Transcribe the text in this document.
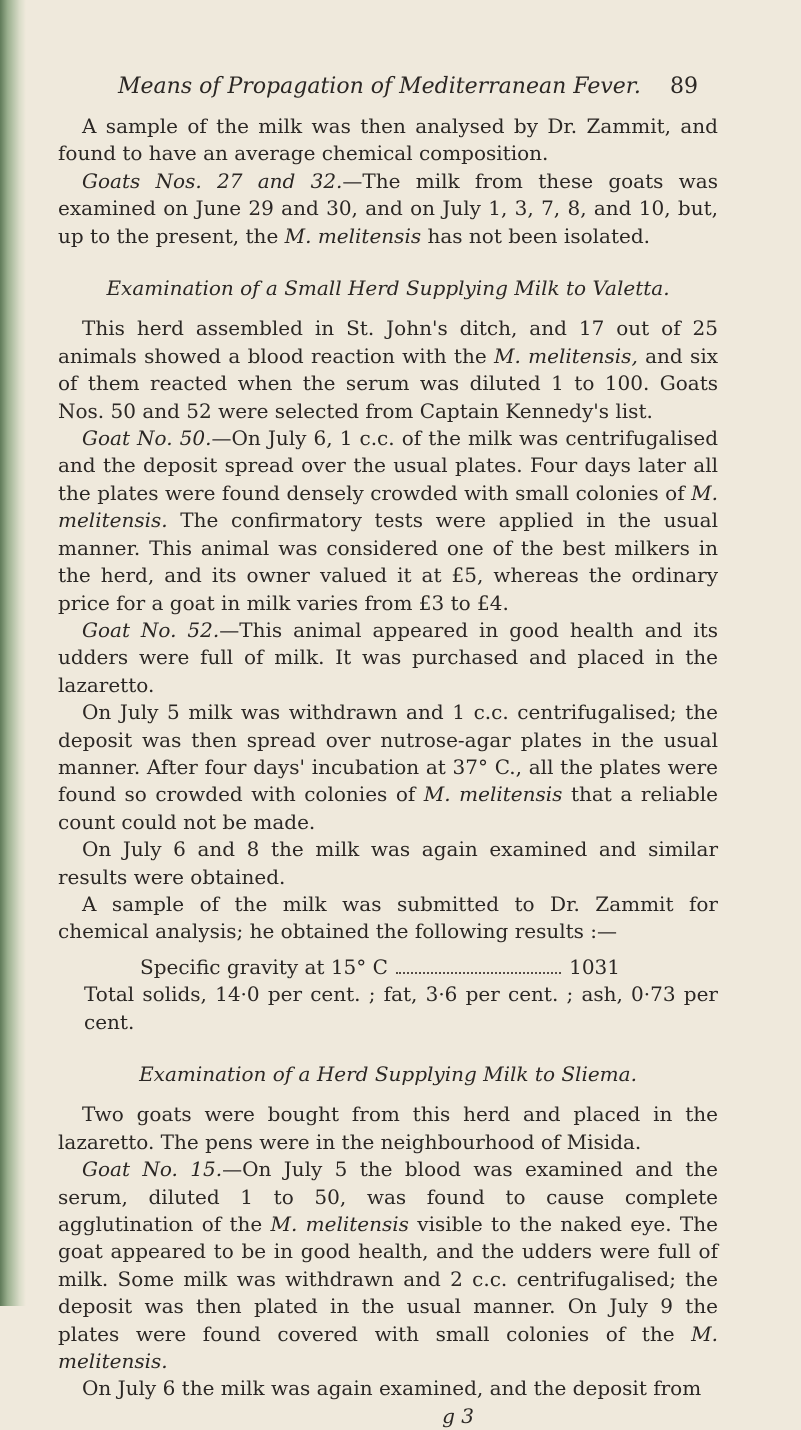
Means of Propagation of Mediterranean Fever. 89

A sample of the milk was then analysed by Dr. Zammit, and found to have an average chemical composition.

Goats Nos. 27 and 32.—The milk from these goats was examined on June 29 and 30, and on July 1, 3, 7, 8, and 10, but, up to the present, the M. melitensis has not been isolated.

Examination of a Small Herd Supplying Milk to Valetta.

This herd assembled in St. John's ditch, and 17 out of 25 animals showed a blood reaction with the M. melitensis, and six of them reacted when the serum was diluted 1 to 100. Goats Nos. 50 and 52 were selected from Captain Kennedy's list.

Goat No. 50.—On July 6, 1 c.c. of the milk was centrifugalised and the deposit spread over the usual plates. Four days later all the plates were found densely crowded with small colonies of M. melitensis. The confirmatory tests were applied in the usual manner. This animal was considered one of the best milkers in the herd, and its owner valued it at £5, whereas the ordinary price for a goat in milk varies from £3 to £4.

Goat No. 52.—This animal appeared in good health and its udders were full of milk. It was purchased and placed in the lazaretto.

On July 5 milk was withdrawn and 1 c.c. centrifugalised; the deposit was then spread over nutrose-agar plates in the usual manner. After four days' incubation at 37° C., all the plates were found so crowded with colonies of M. melitensis that a reliable count could not be made.

On July 6 and 8 the milk was again examined and similar results were obtained.

A sample of the milk was submitted to Dr. Zammit for chemical analysis; he obtained the following results :—

Specific gravity at 15° C	1031

Total solids, 14·0 per cent. ; fat, 3·6 per cent. ; ash, 0·73 per cent.

Examination of a Herd Supplying Milk to Sliema.

Two goats were bought from this herd and placed in the lazaretto. The pens were in the neighbourhood of Misida.

Goat No. 15.—On July 5 the blood was examined and the serum, diluted 1 to 50, was found to cause complete agglutination of the M. melitensis visible to the naked eye. The goat appeared to be in good health, and the udders were full of milk. Some milk was withdrawn and 2 c.c. centrifugalised; the deposit was then plated in the usual manner. On July 9 the plates were found covered with small colonies of the M. melitensis.

On July 6 the milk was again examined, and the deposit from

g 3
